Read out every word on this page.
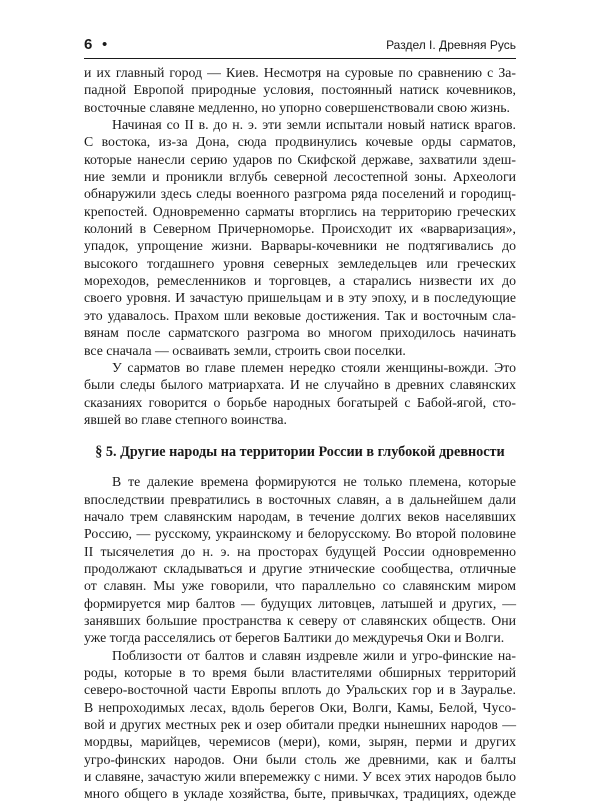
6 •	Раздел I. Древняя Русь
и их главный город — Киев. Несмотря на суровые по сравнению с За-
падной Европой природные условия, постоянный натиск кочевников,
восточные славяне медленно, но упорно совершенствовали свою жизнь.
Начиная со II в. до н. э. эти земли испытали новый натиск врагов.
С востока, из-за Дона, сюда продвинулись кочевые орды сарматов,
которые нанесли серию ударов по Скифской державе, захватили здеш-
ние земли и проникли вглубь северной лесостепной зоны. Археологи
обнаружили здесь следы военного разгрома ряда поселений и городищ-
крепостей. Одновременно сарматы вторглись на территорию греческих
колоний в Северном Причерноморье. Происходит их «варваризация»,
упадок, упрощение жизни. Варвары-кочевники не подтягивались до
высокого тогдашнего уровня северных земледельцев или греческих
мореходов, ремесленников и торговцев, а старались низвести их до
своего уровня. И зачастую пришельцам и в эту эпоху, и в последующие
это удавалось. Прахом шли вековые достижения. Так и восточным сла-
вянам после сарматского разгрома во многом приходилось начинать
все сначала — осваивать земли, строить свои поселки.
У сарматов во главе племен нередко стояли женщины-вожди. Это
были следы былого матриархата. И не случайно в древних славянских
сказаниях говорится о борьбе народных богатырей с Бабой-ягой, сто-
явшей во главе степного воинства.
§ 5. Другие народы на территории России в глубокой древности
В те далекие времена формируются не только племена, которые
впоследствии превратились в восточных славян, а в дальнейшем дали
начало трем славянским народам, в течение долгих веков населявших
Россию, — русскому, украинскому и белорусскому. Во второй половине
II тысячелетия до н. э. на просторах будущей России одновременно
продолжают складываться и другие этнические сообщества, отличные
от славян. Мы уже говорили, что параллельно со славянским миром
формируется мир балтов — будущих литовцев, латышей и других, —
занявших большие пространства к северу от славянских обществ. Они
уже тогда расселялись от берегов Балтики до междуречья Оки и Волги.
Поблизости от балтов и славян издревле жили и угро-финские на-
роды, которые в то время были властителями обширных территорий
северо-восточной части Европы вплоть до Уральских гор и в Зауралье.
В непроходимых лесах, вдоль берегов Оки, Волги, Камы, Белой, Чусо-
вой и других местных рек и озер обитали предки нынешних народов —
мордвы, марийцев, черемисов (мери), коми, зырян, перми и других
угро-финских народов. Они были столь же древними, как и балты
и славяне, зачастую жили вперемежку с ними. У всех этих народов было
много общего в укладе хозяйства, быте, привычках, традициях, одежде
